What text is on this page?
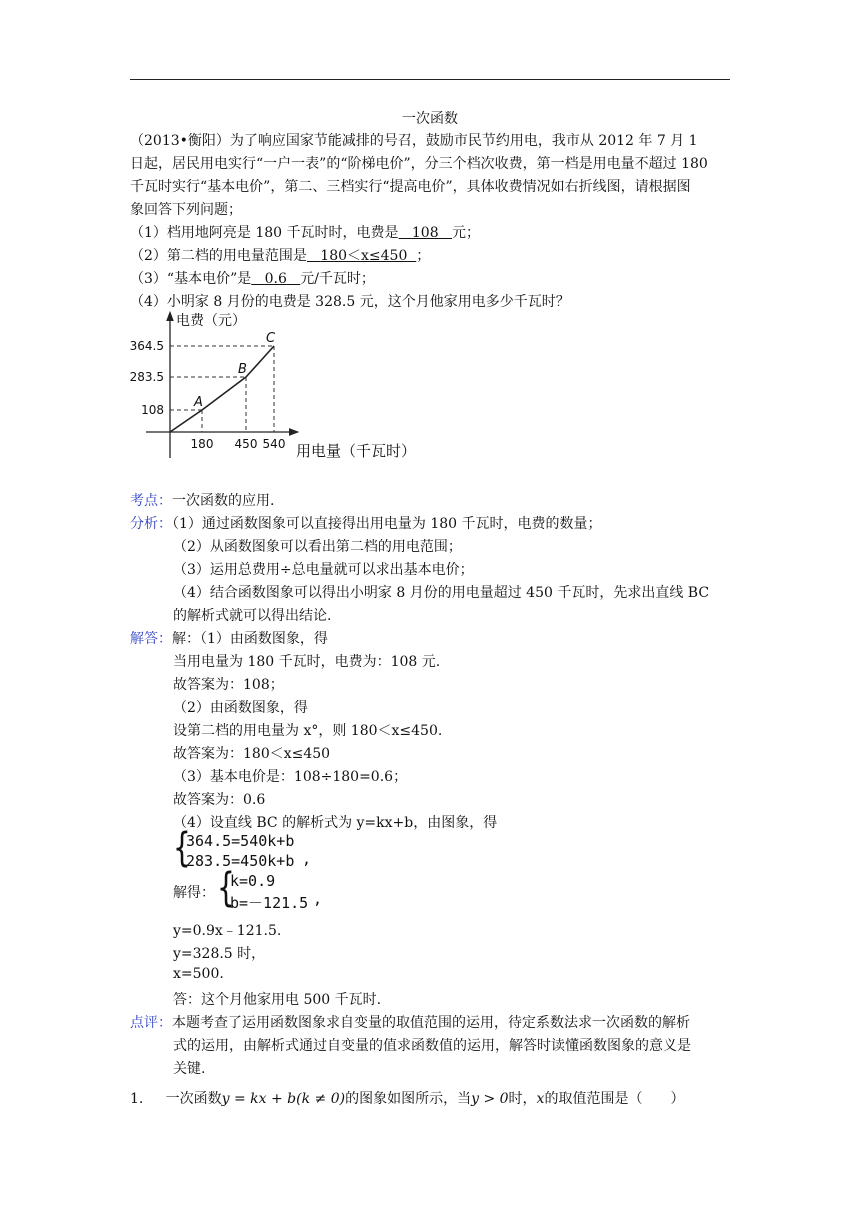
一次函数
（2013•衡阳）为了响应国家节能减排的号召，鼓励市民节约用电，我市从 2012 年 7 月 1
日起，居民用电实行“一户一表”的“阶梯电价”，分三个档次收费，第一档是用电量不超过 180
千瓦时实行“基本电价”，第二、三档实行“提高电价”，具体收费情况如右折线图，请根据图
象回答下列问题；
（1）档用地阿亮是 180 千瓦时时，电费是 108 元；
（2）第二档的用电量范围是 180＜x≤450 ；
（3）“基本电价”是 0.6 元/千瓦时；
（4）小明家 8 月份的电费是 328.5 元，这个月他家用电多少千瓦时？
电费（元）
用电量（千瓦时）
A
B
C
180 450 540
108
283.5
364.5
考点：一次函数的应用.
分析：（1）通过函数图象可以直接得出用电量为 180 千瓦时，电费的数量；
（2）从函数图象可以看出第二档的用电范围；
（3）运用总费用÷总电量就可以求出基本电价；
（4）结合函数图象可以得出小明家 8 月份的用电量超过 450 千瓦时，先求出直线 BC
的解析式就可以得出结论.
解答：解：（1）由函数图象，得
当用电量为 180 千瓦时，电费为：108 元.
故答案为：108；
（2）由函数图象，得
设第二档的用电量为 x°，则 180＜x≤450.
故答案为：180＜x≤450
（3）基本电价是：108÷180=0.6；
故答案为：0.6
（4）设直线 BC 的解析式为 y=kx+b，由图象，得
{
364.5=540k+b
283.5=450k+b ,
解得： {
k=0.9
b=－121.5 ,
y=0.9x﹣121.5.
y=328.5 时，
x=500.
答：这个月他家用电 500 千瓦时.
点评：本题考查了运用函数图象求自变量的取值范围的运用，待定系数法求一次函数的解析
式的运用，由解析式通过自变量的值求函数值的运用，解答时读懂函数图象的意义是
关键.
1. 一次函数y = kx + b(k ≠ 0)的图象如图所示，当y > 0时，x的取值范围是（　　）
